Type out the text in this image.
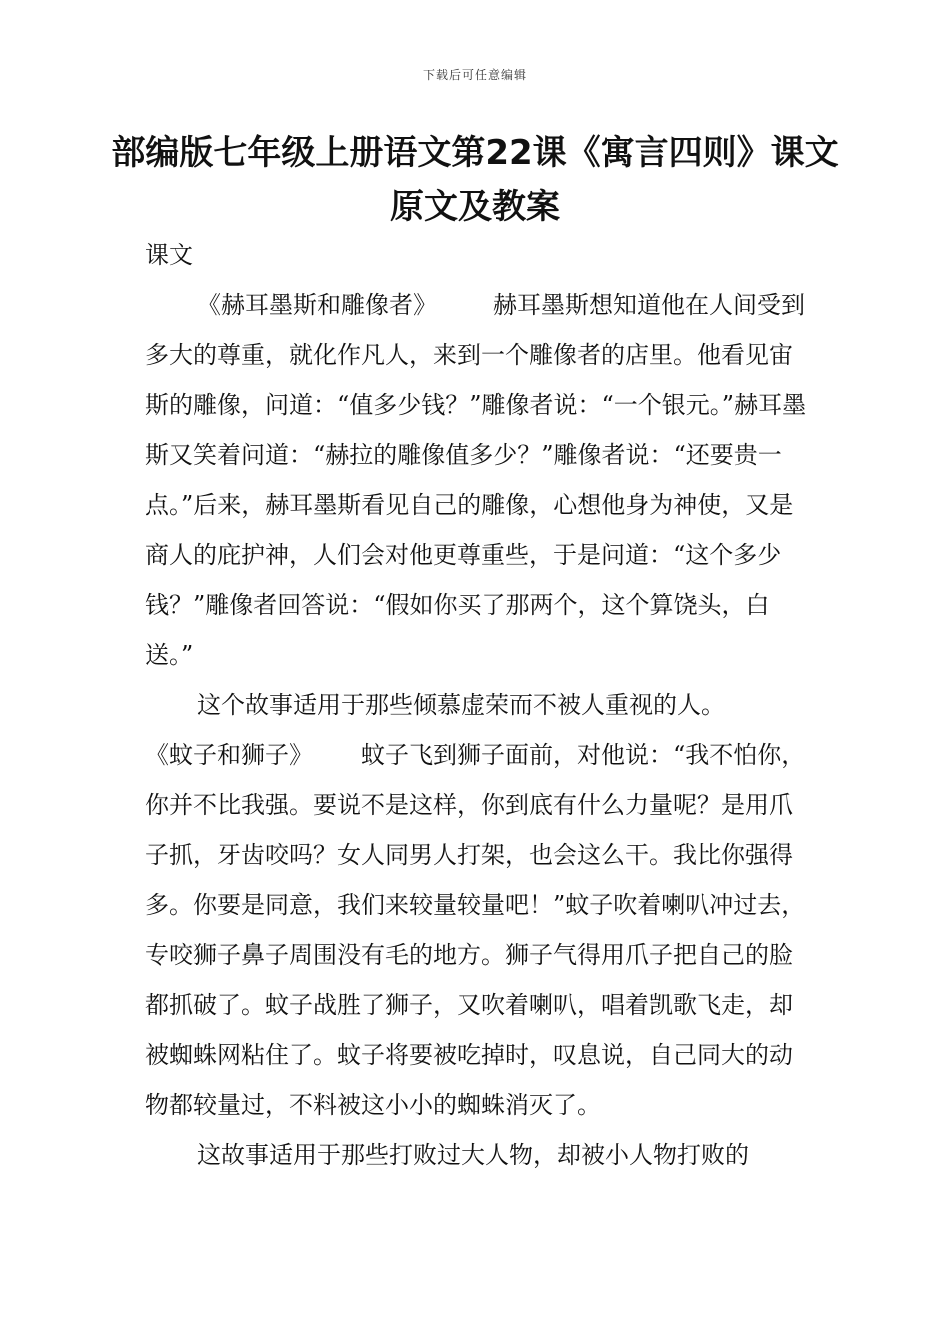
下载后可任意编辑
部编版七年级上册语文第22课《寓言四则》课文原文及教案

课文

《赫耳墨斯和雕像者》 赫耳墨斯想知道他在人间受到多大的尊重，就化作凡人，来到一个雕像者的店里。他看见宙斯的雕像，问道：“值多少钱？”雕像者说：“一个银元。”赫耳墨斯又笑着问道：“赫拉的雕像值多少？”雕像者说：“还要贵一点。”后来，赫耳墨斯看见自己的雕像，心想他身为神使，又是商人的庇护神，人们会对他更尊重些，于是问道：“这个多少钱？”雕像者回答说：“假如你买了那两个，这个算饶头，白送。”

这个故事适用于那些倾慕虚荣而不被人重视的人。

《蚊子和狮子》 蚊子飞到狮子面前，对他说：“我不怕你，你并不比我强。要说不是这样，你到底有什么力量呢？是用爪子抓，牙齿咬吗？女人同男人打架，也会这么干。我比你强得多。你要是同意，我们来较量较量吧！”蚊子吹着喇叭冲过去，专咬狮子鼻子周围没有毛的地方。狮子气得用爪子把自己的脸都抓破了。蚊子战胜了狮子，又吹着喇叭，唱着凯歌飞走，却被蜘蛛网粘住了。蚊子将要被吃掉时，叹息说，自己同大的动物都较量过，不料被这小小的蜘蛛消灭了。

这故事适用于那些打败过大人物，却被小人物打败的
